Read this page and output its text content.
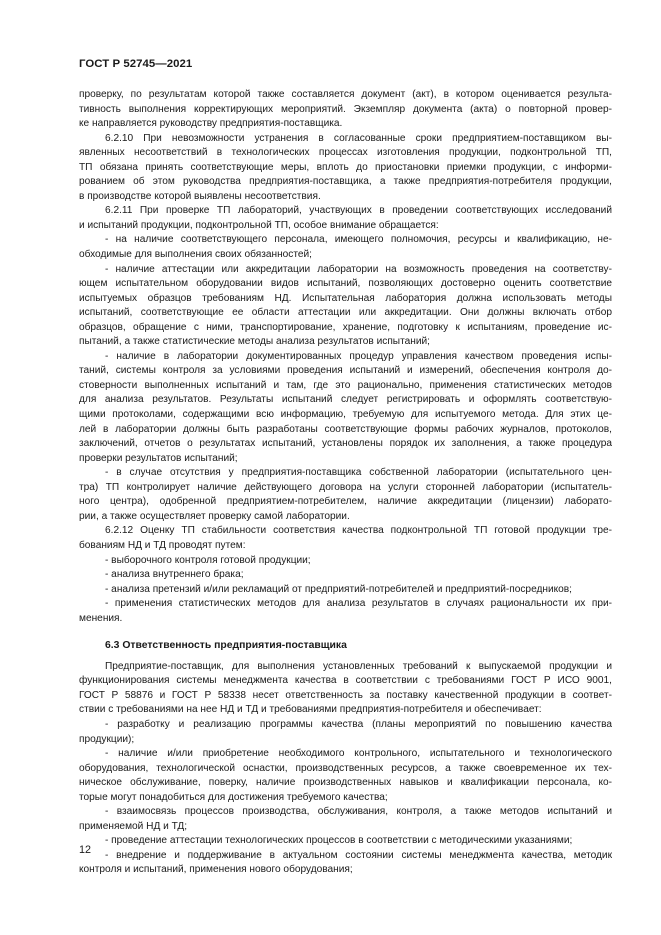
ГОСТ Р 52745—2021
проверку, по результатам которой также составляется документ (акт), в котором оценивается результа-
тивность выполнения корректирующих мероприятий. Экземпляр документа (акта) о повторной провер-
ке направляется руководству предприятия-поставщика.
6.2.10 При невозможности устранения в согласованные сроки предприятием-поставщиком вы-
явленных несоответствий в технологических процессах изготовления продукции, подконтрольной ТП,
ТП обязана принять соответствующие меры, вплоть до приостановки приемки продукции, с информи-
рованием об этом руководства предприятия-поставщика, а также предприятия-потребителя продукции,
в производстве которой выявлены несоответствия.
6.2.11 При проверке ТП лабораторий, участвующих в проведении соответствующих исследований
и испытаний продукции, подконтрольной ТП, особое внимание обращается:
- на наличие соответствующего персонала, имеющего полномочия, ресурсы и квалификацию, не-
обходимые для выполнения своих обязанностей;
- наличие аттестации или аккредитации лаборатории на возможность проведения на соответству-
ющем испытательном оборудовании видов испытаний, позволяющих достоверно оценить соответствие
испытуемых образцов требованиям НД. Испытательная лаборатория должна использовать методы
испытаний, соответствующие ее области аттестации или аккредитации. Они должны включать отбор
образцов, обращение с ними, транспортирование, хранение, подготовку к испытаниям, проведение ис-
пытаний, а также статистические методы анализа результатов испытаний;
- наличие в лаборатории документированных процедур управления качеством проведения испы-
таний, системы контроля за условиями проведения испытаний и измерений, обеспечения контроля до-
стоверности выполненных испытаний и там, где это рационально, применения статистических методов
для анализа результатов. Результаты испытаний следует регистрировать и оформлять соответствую-
щими протоколами, содержащими всю информацию, требуемую для испытуемого метода. Для этих це-
лей в лаборатории должны быть разработаны соответствующие формы рабочих журналов, протоколов,
заключений, отчетов о результатах испытаний, установлены порядок их заполнения, а также процедура
проверки результатов испытаний;
- в случае отсутствия у предприятия-поставщика собственной лаборатории (испытательного цен-
тра) ТП контролирует наличие действующего договора на услуги сторонней лаборатории (испытатель-
ного центра), одобренной предприятием-потребителем, наличие аккредитации (лицензии) лаборато-
рии, а также осуществляет проверку самой лаборатории.
6.2.12 Оценку ТП стабильности соответствия качества подконтрольной ТП готовой продукции тре-
бованиям НД и ТД проводят путем:
- выборочного контроля готовой продукции;
- анализа внутреннего брака;
- анализа претензий и/или рекламаций от предприятий-потребителей и предприятий-посредников;
- применения статистических методов для анализа результатов в случаях рациональности их при-
менения.
6.3 Ответственность предприятия-поставщика
Предприятие-поставщик, для выполнения установленных требований к выпускаемой продукции и
функционирования системы менеджмента качества в соответствии с требованиями ГОСТ Р ИСО 9001,
ГОСТ Р 58876 и ГОСТ Р 58338 несет ответственность за поставку качественной продукции в соответ-
ствии с требованиями на нее НД и ТД и требованиями предприятия-потребителя и обеспечивает:
- разработку и реализацию программы качества (планы мероприятий по повышению качества
продукции);
- наличие и/или приобретение необходимого контрольного, испытательного и технологического
оборудования, технологической оснастки, производственных ресурсов, а также своевременное их тех-
ническое обслуживание, поверку, наличие производственных навыков и квалификации персонала, ко-
торые могут понадобиться для достижения требуемого качества;
- взаимосвязь процессов производства, обслуживания, контроля, а также методов испытаний и
применяемой НД и ТД;
- проведение аттестации технологических процессов в соответствии с методическими указаниями;
- внедрение и поддерживание в актуальном состоянии системы менеджмента качества, методик
контроля и испытаний, применения нового оборудования;
12
